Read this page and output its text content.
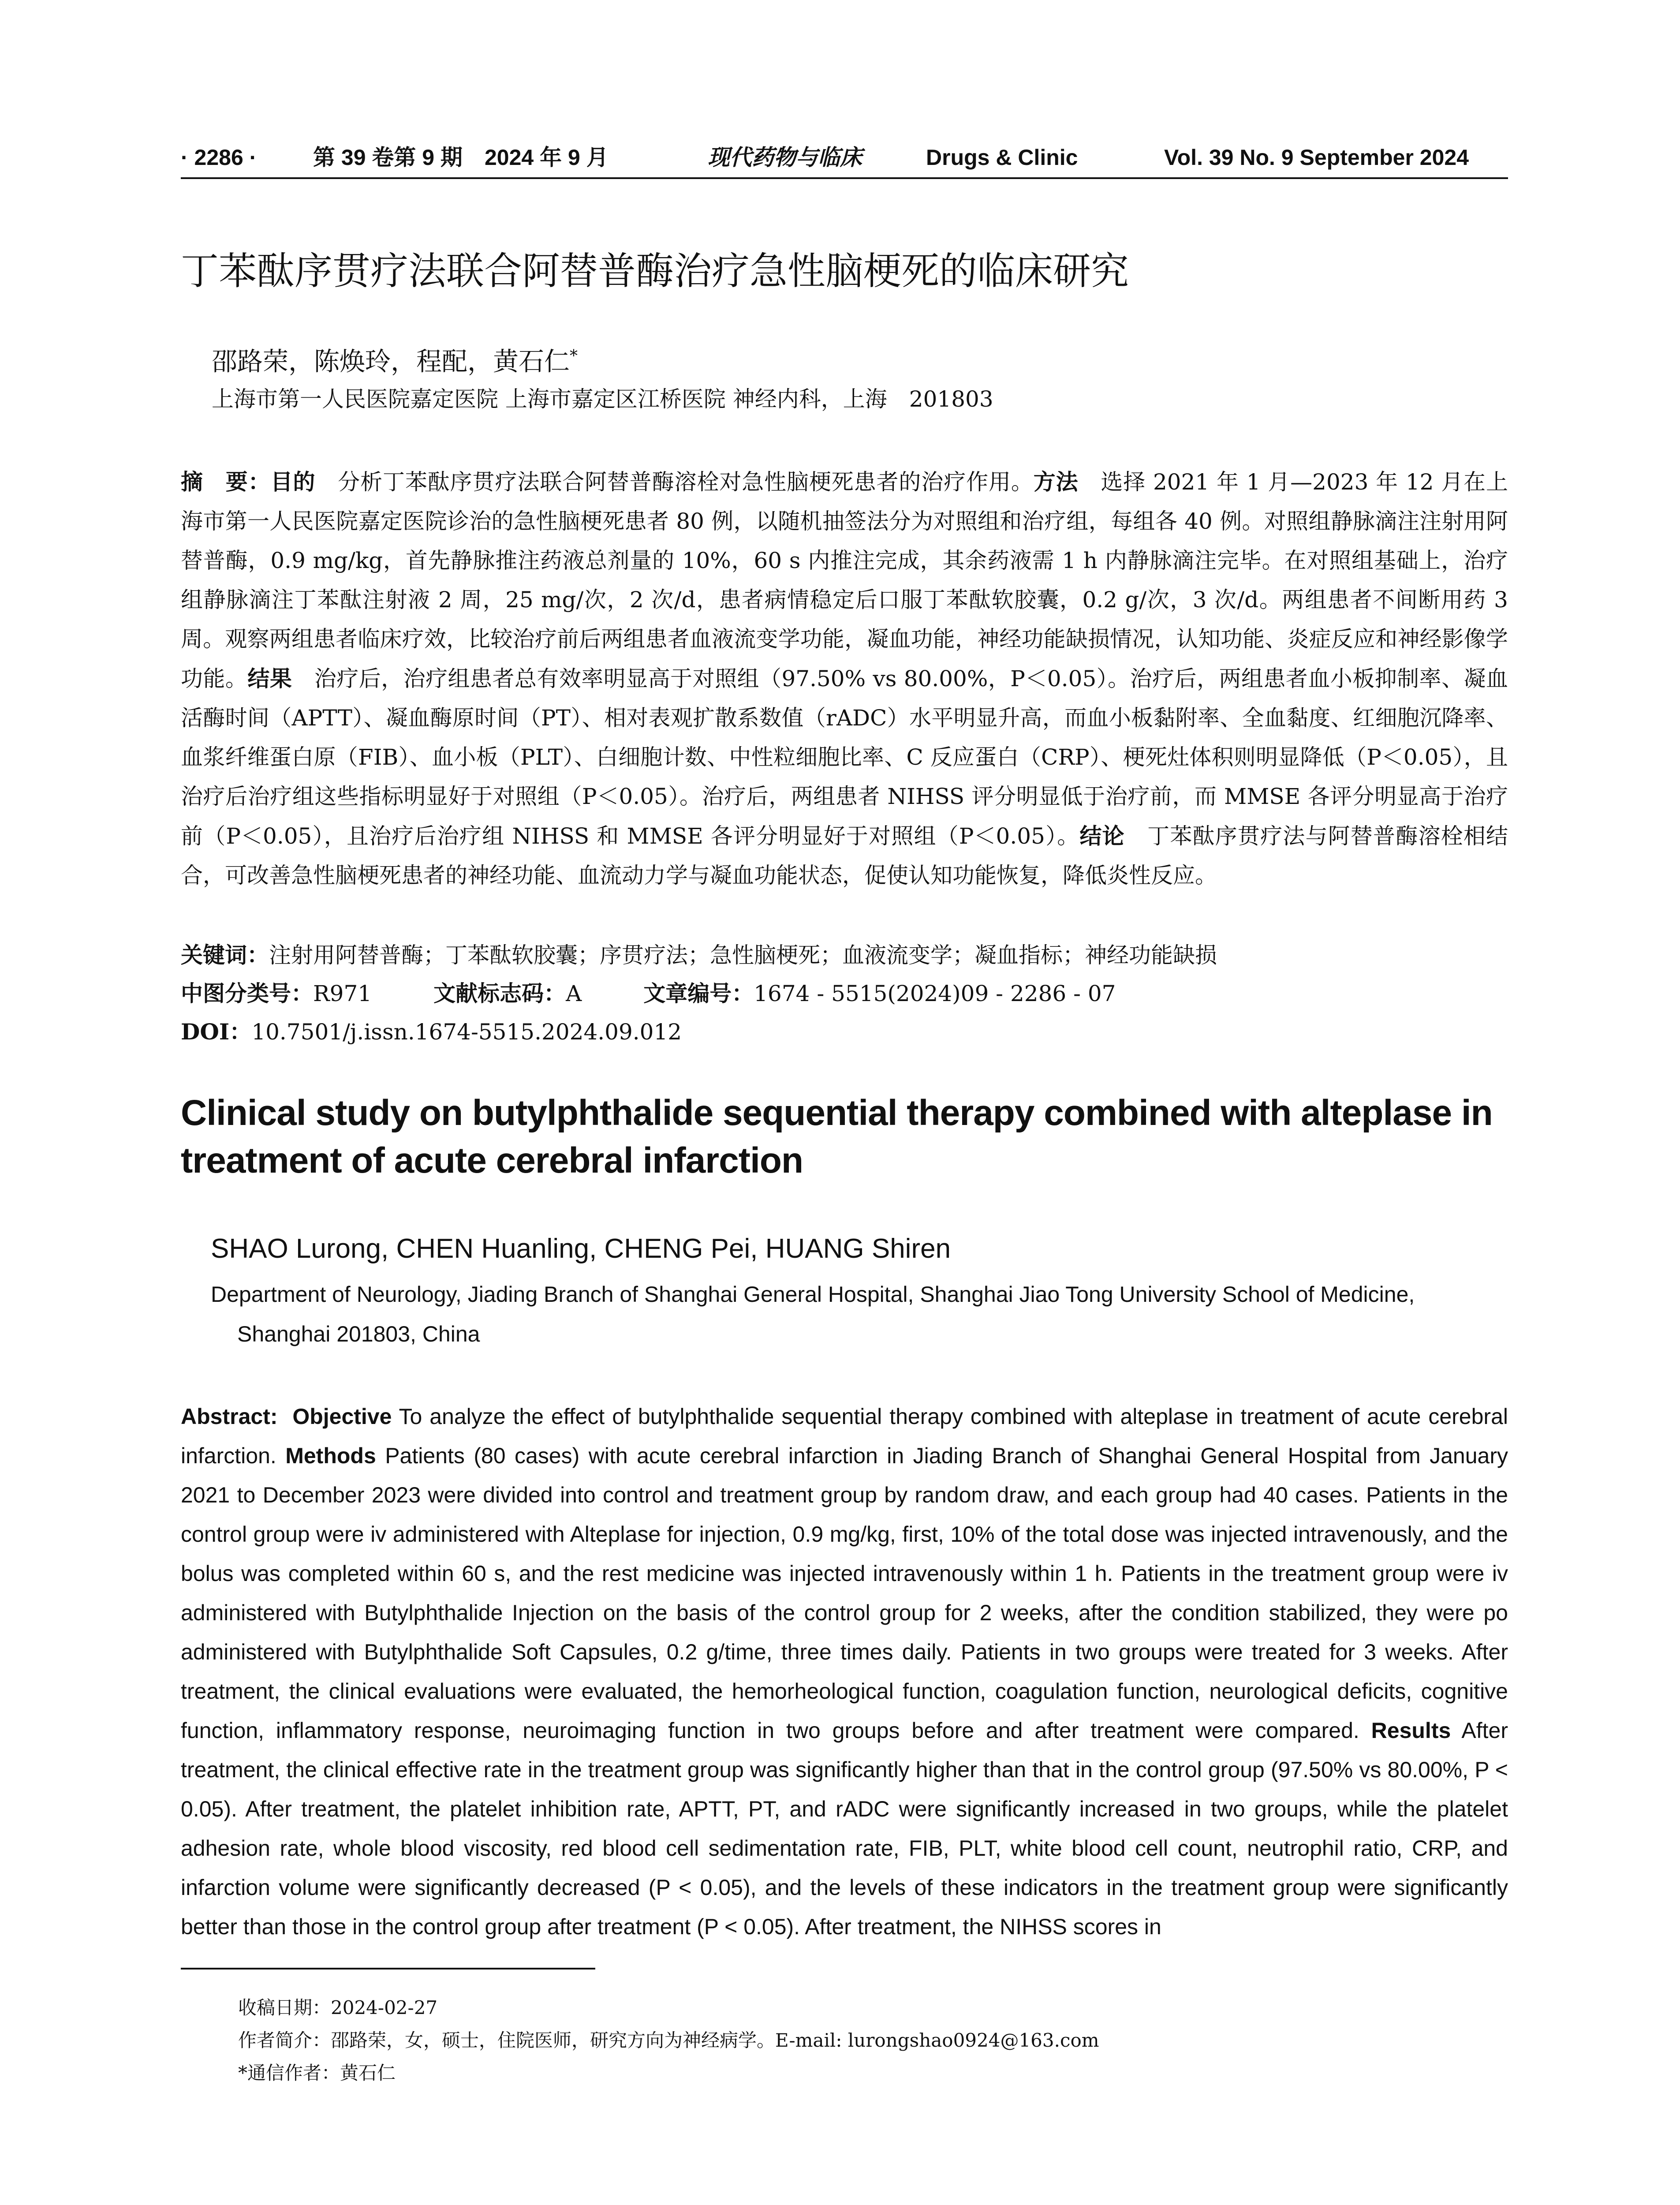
· 2286 ·	第 39 卷第 9 期　2024 年 9 月	现代药物与临床	Drugs & Clinic	Vol. 39 No. 9 September 2024
丁苯酞序贯疗法联合阿替普酶治疗急性脑梗死的临床研究
邵路荣，陈焕玲，程配，黄石仁*
上海市第一人民医院嘉定医院 上海市嘉定区江桥医院 神经内科，上海　201803
摘　要：目的　分析丁苯酞序贯疗法联合阿替普酶溶栓对急性脑梗死患者的治疗作用。方法　选择 2021 年 1 月—2023 年 12 月在上海市第一人民医院嘉定医院诊治的急性脑梗死患者 80 例，以随机抽签法分为对照组和治疗组，每组各 40 例。对照组静脉滴注注射用阿替普酶，0.9 mg/kg，首先静脉推注药液总剂量的 10%，60 s 内推注完成，其余药液需 1 h 内静脉滴注完毕。在对照组基础上，治疗组静脉滴注丁苯酞注射液 2 周，25 mg/次，2 次/d，患者病情稳定后口服丁苯酞软胶囊，0.2 g/次，3 次/d。两组患者不间断用药 3 周。观察两组患者临床疗效，比较治疗前后两组患者血液流变学功能，凝血功能，神经功能缺损情况，认知功能、炎症反应和神经影像学功能。结果　治疗后，治疗组患者总有效率明显高于对照组（97.50% vs 80.00%，P＜0.05）。治疗后，两组患者血小板抑制率、凝血活酶时间（APTT）、凝血酶原时间（PT）、相对表观扩散系数值（rADC）水平明显升高，而血小板黏附率、全血黏度、红细胞沉降率、血浆纤维蛋白原（FIB）、血小板（PLT）、白细胞计数、中性粒细胞比率、C 反应蛋白（CRP）、梗死灶体积则明显降低（P＜0.05），且治疗后治疗组这些指标明显好于对照组（P＜0.05）。治疗后，两组患者 NIHSS 评分明显低于治疗前，而 MMSE 各评分明显高于治疗前（P＜0.05），且治疗后治疗组 NIHSS 和 MMSE 各评分明显好于对照组（P＜0.05）。结论　丁苯酞序贯疗法与阿替普酶溶栓相结合，可改善急性脑梗死患者的神经功能、血流动力学与凝血功能状态，促使认知功能恢复，降低炎性反应。
关键词：注射用阿替普酶；丁苯酞软胶囊；序贯疗法；急性脑梗死；血液流变学；凝血指标；神经功能缺损
中图分类号：R971	文献标志码：A	文章编号：1674 - 5515(2024)09 - 2286 - 07
DOI：10.7501/j.issn.1674-5515.2024.09.012
Clinical study on butylphthalide sequential therapy combined with alteplase in treatment of acute cerebral infarction
SHAO Lurong, CHEN Huanling, CHENG Pei, HUANG Shiren
Department of Neurology, Jiading Branch of Shanghai General Hospital, Shanghai Jiao Tong University School of Medicine,
Shanghai 201803, China
Abstract: Objective To analyze the effect of butylphthalide sequential therapy combined with alteplase in treatment of acute cerebral infarction. Methods Patients (80 cases) with acute cerebral infarction in Jiading Branch of Shanghai General Hospital from January 2021 to December 2023 were divided into control and treatment group by random draw, and each group had 40 cases. Patients in the control group were iv administered with Alteplase for injection, 0.9 mg/kg, first, 10% of the total dose was injected intravenously, and the bolus was completed within 60 s, and the rest medicine was injected intravenously within 1 h. Patients in the treatment group were iv administered with Butylphthalide Injection on the basis of the control group for 2 weeks, after the condition stabilized, they were po administered with Butylphthalide Soft Capsules, 0.2 g/time, three times daily. Patients in two groups were treated for 3 weeks. After treatment, the clinical evaluations were evaluated, the hemorheological function, coagulation function, neurological deficits, cognitive function, inflammatory response, neuroimaging function in two groups before and after treatment were compared. Results After treatment, the clinical effective rate in the treatment group was significantly higher than that in the control group (97.50% vs 80.00%, P < 0.05). After treatment, the platelet inhibition rate, APTT, PT, and rADC were significantly increased in two groups, while the platelet adhesion rate, whole blood viscosity, red blood cell sedimentation rate, FIB, PLT, white blood cell count, neutrophil ratio, CRP, and infarction volume were significantly decreased (P < 0.05), and the levels of these indicators in the treatment group were significantly better than those in the control group after treatment (P < 0.05). After treatment, the NIHSS scores in
收稿日期：2024-02-27
作者简介：邵路荣，女，硕士，住院医师，研究方向为神经病学。E-mail: lurongshao0924@163.com
*通信作者：黄石仁
